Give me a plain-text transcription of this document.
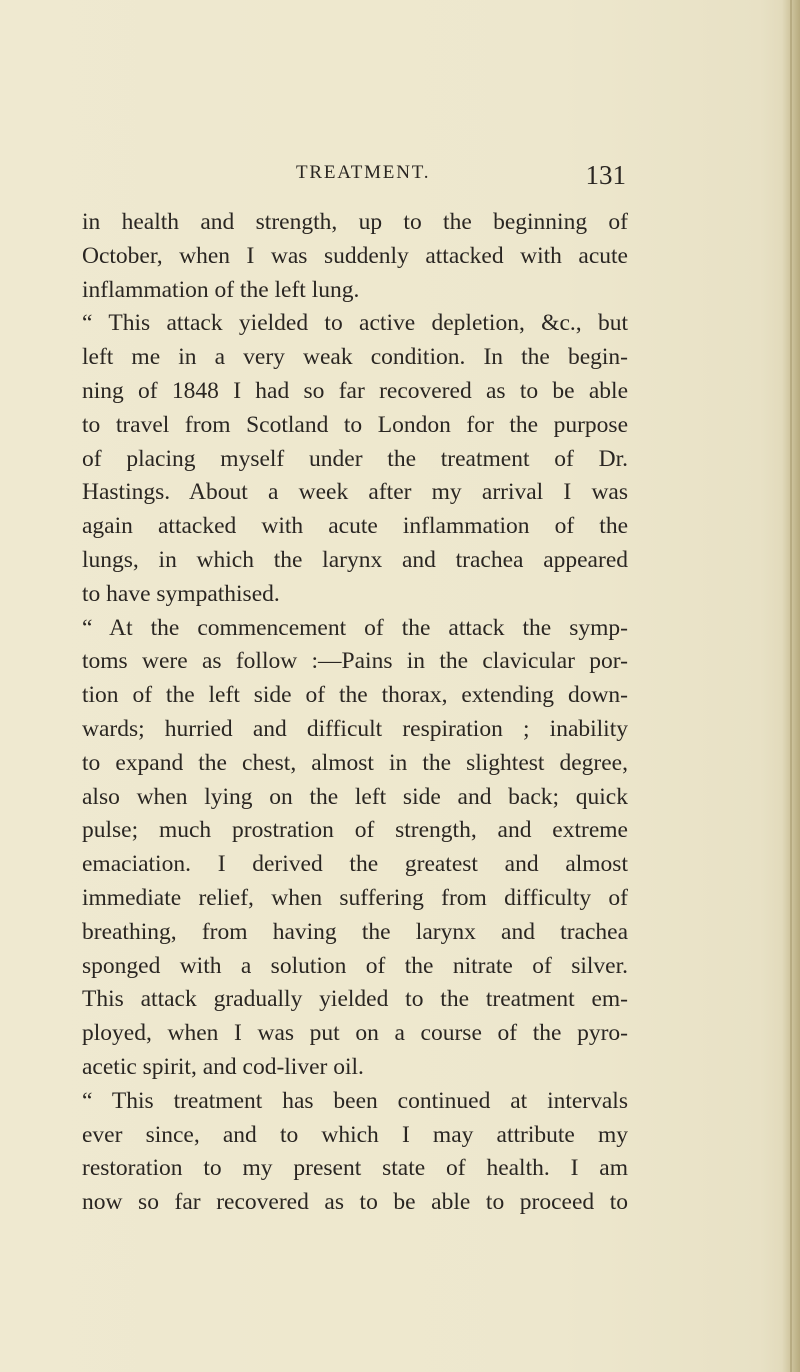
TREATMENT.	131
in health and strength, up to the beginning of
October, when I was suddenly attacked with acute
inflammation of the left lung.
“ This attack yielded to active depletion, &c., but
left me in a very weak condition. In the begin-
ning of 1848 I had so far recovered as to be able
to travel from Scotland to London for the purpose
of placing myself under the treatment of Dr.
Hastings. About a week after my arrival I was
again attacked with acute inflammation of the
lungs, in which the larynx and trachea appeared
to have sympathised.
“ At the commencement of the attack the symp-
toms were as follow :—Pains in the clavicular por-
tion of the left side of the thorax, extending down-
wards; hurried and difficult respiration ; inability
to expand the chest, almost in the slightest degree,
also when lying on the left side and back; quick
pulse; much prostration of strength, and extreme
emaciation. I derived the greatest and almost
immediate relief, when suffering from difficulty of
breathing, from having the larynx and trachea
sponged with a solution of the nitrate of silver.
This attack gradually yielded to the treatment em-
ployed, when I was put on a course of the pyro-
acetic spirit, and cod-liver oil.
“ This treatment has been continued at intervals
ever since, and to which I may attribute my
restoration to my present state of health. I am
now so far recovered as to be able to proceed to
